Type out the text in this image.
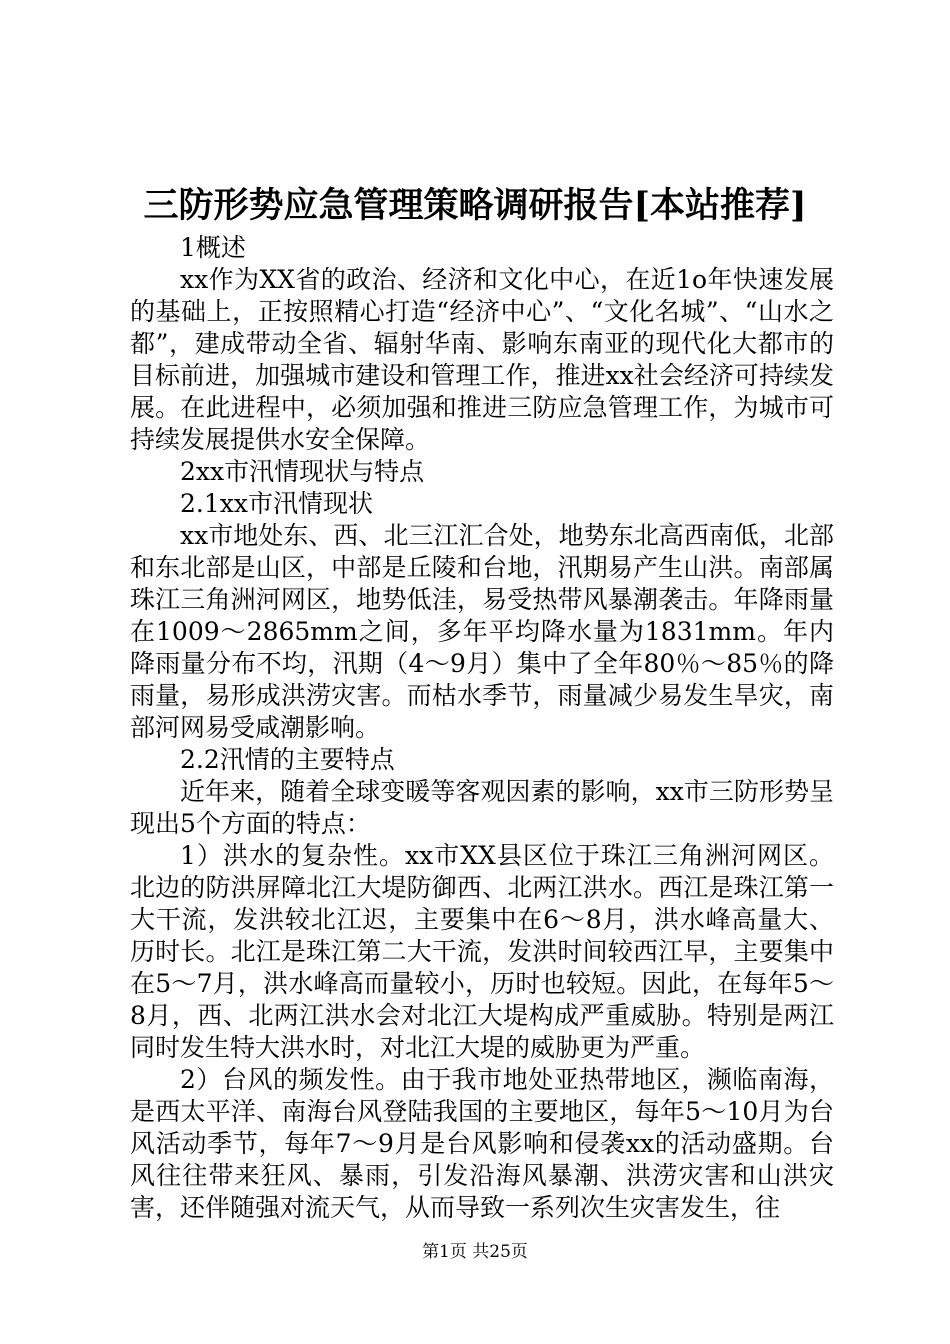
三防形势应急管理策略调研报告[本站推荐]

1概述

xx作为XX省的政治、经济和文化中心，在近1o年快速发展的基础上，正按照精心打造“经济中心”、“文化名城”、“山水之都”，建成带动全省、辐射华南、影响东南亚的现代化大都市的目标前进，加强城市建设和管理工作，推进xx社会经济可持续发展。在此进程中，必须加强和推进三防应急管理工作，为城市可持续发展提供水安全保障。

2xx市汛情现状与特点

2.1xx市汛情现状

xx市地处东、西、北三江汇合处，地势东北高西南低，北部和东北部是山区，中部是丘陵和台地，汛期易产生山洪。南部属珠江三角洲河网区，地势低洼，易受热带风暴潮袭击。年降雨量在1009～2865mm之间，多年平均降水量为1831mm。年内降雨量分布不均，汛期（4～9月）集中了全年80％～85％的降雨量，易形成洪涝灾害。而枯水季节，雨量减少易发生旱灾，南部河网易受咸潮影响。

2.2汛情的主要特点

近年来，随着全球变暖等客观因素的影响，xx市三防形势呈现出5个方面的特点：

1）洪水的复杂性。xx市XX县区位于珠江三角洲河网区。北边的防洪屏障北江大堤防御西、北两江洪水。西江是珠江第一大干流，发洪较北江迟，主要集中在6～8月，洪水峰高量大、历时长。北江是珠江第二大干流，发洪时间较西江早，主要集中在5～7月，洪水峰高而量较小，历时也较短。因此，在每年5～8月，西、北两江洪水会对北江大堤构成严重威胁。特别是两江同时发生特大洪水时，对北江大堤的威胁更为严重。

2）台风的频发性。由于我市地处亚热带地区，濒临南海，是西太平洋、南海台风登陆我国的主要地区，每年5～10月为台风活动季节，每年7～9月是台风影响和侵袭xx的活动盛期。台风往往带来狂风、暴雨，引发沿海风暴潮、洪涝灾害和山洪灾害，还伴随强对流天气，从而导致一系列次生灾害发生，往

第1页 共25页
